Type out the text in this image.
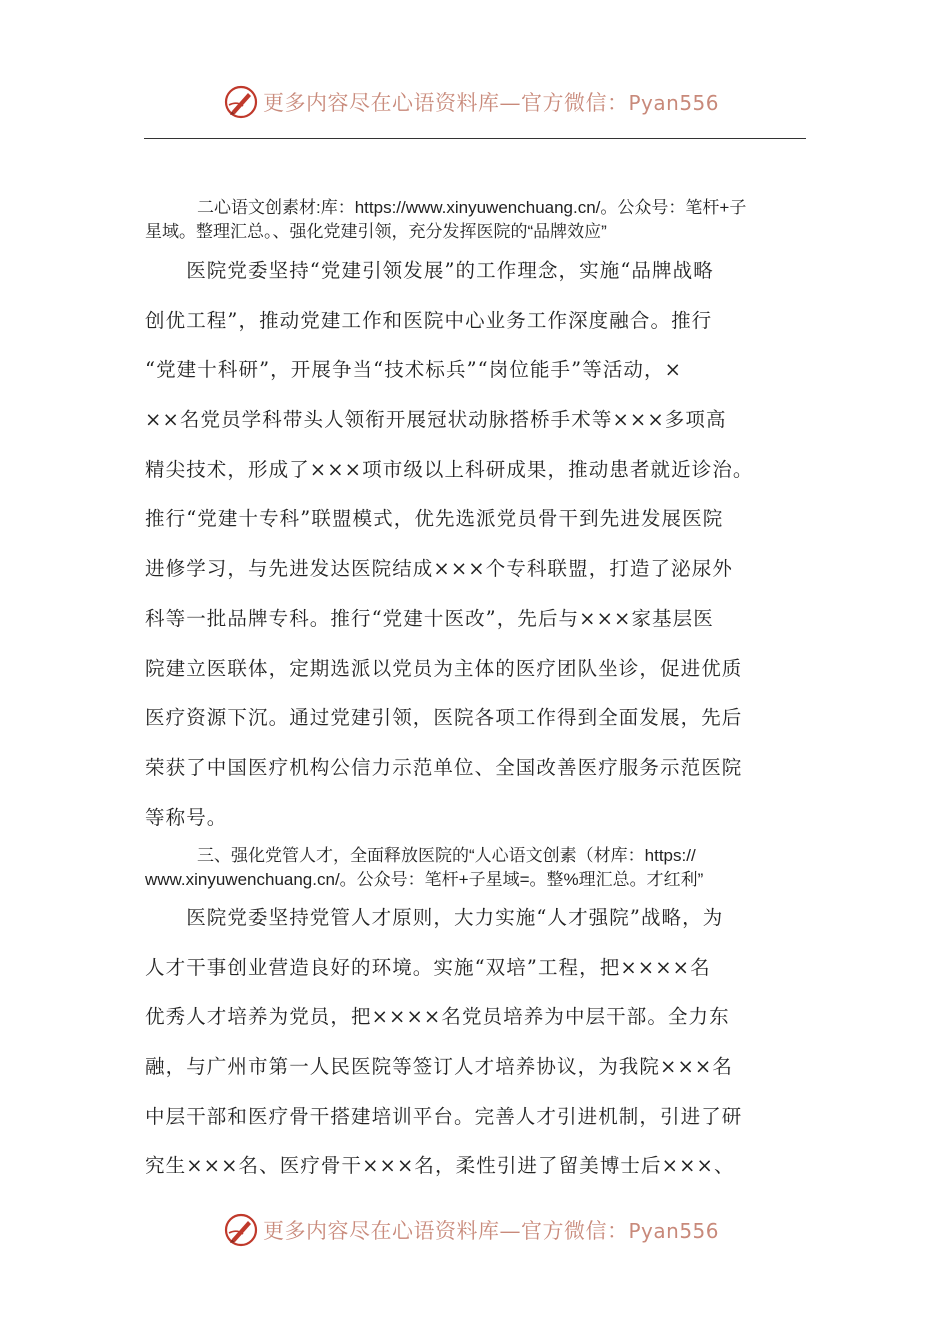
更多内容尽在心语资料库—官方微信：Pyan556
二心语文创素材:库：https://www.xinyuwenchuang.cn/。公众号：笔杆+子
星域。整理汇总。、强化党建引领，充分发挥医院的“品牌效应”
　　医院党委坚持“党建引领发展”的工作理念，实施“品牌战略
创优工程”，推动党建工作和医院中心业务工作深度融合。推行
“党建十科研”，开展争当“技术标兵”“岗位能手”等活动，×
××名党员学科带头人领衔开展冠状动脉搭桥手术等×××多项高
精尖技术，形成了×××项市级以上科研成果，推动患者就近诊治。
推行“党建十专科”联盟模式，优先选派党员骨干到先进发展医院
进修学习，与先进发达医院结成×××个专科联盟，打造了泌尿外
科等一批品牌专科。推行“党建十医改”，先后与×××家基层医
院建立医联体，定期选派以党员为主体的医疗团队坐诊，促进优质
医疗资源下沉。通过党建引领，医院各项工作得到全面发展，先后
荣获了中国医疗机构公信力示范单位、全国改善医疗服务示范医院
等称号。
三、强化党管人才，全面释放医院的“人心语文创素（材库：https://
www.xinyuwenchuang.cn/。公众号：笔杆+子星域=。整%理汇总。才红利”
　　医院党委坚持党管人才原则，大力实施“人才强院”战略，为
人才干事创业营造良好的环境。实施“双培”工程，把××××名
优秀人才培养为党员，把××××名党员培养为中层干部。全力东
融，与广州市第一人民医院等签订人才培养协议，为我院×××名
中层干部和医疗骨干搭建培训平台。完善人才引进机制，引进了研
究生×××名、医疗骨干×××名，柔性引进了留美博士后×××、
更多内容尽在心语资料库—官方微信：Pyan556
